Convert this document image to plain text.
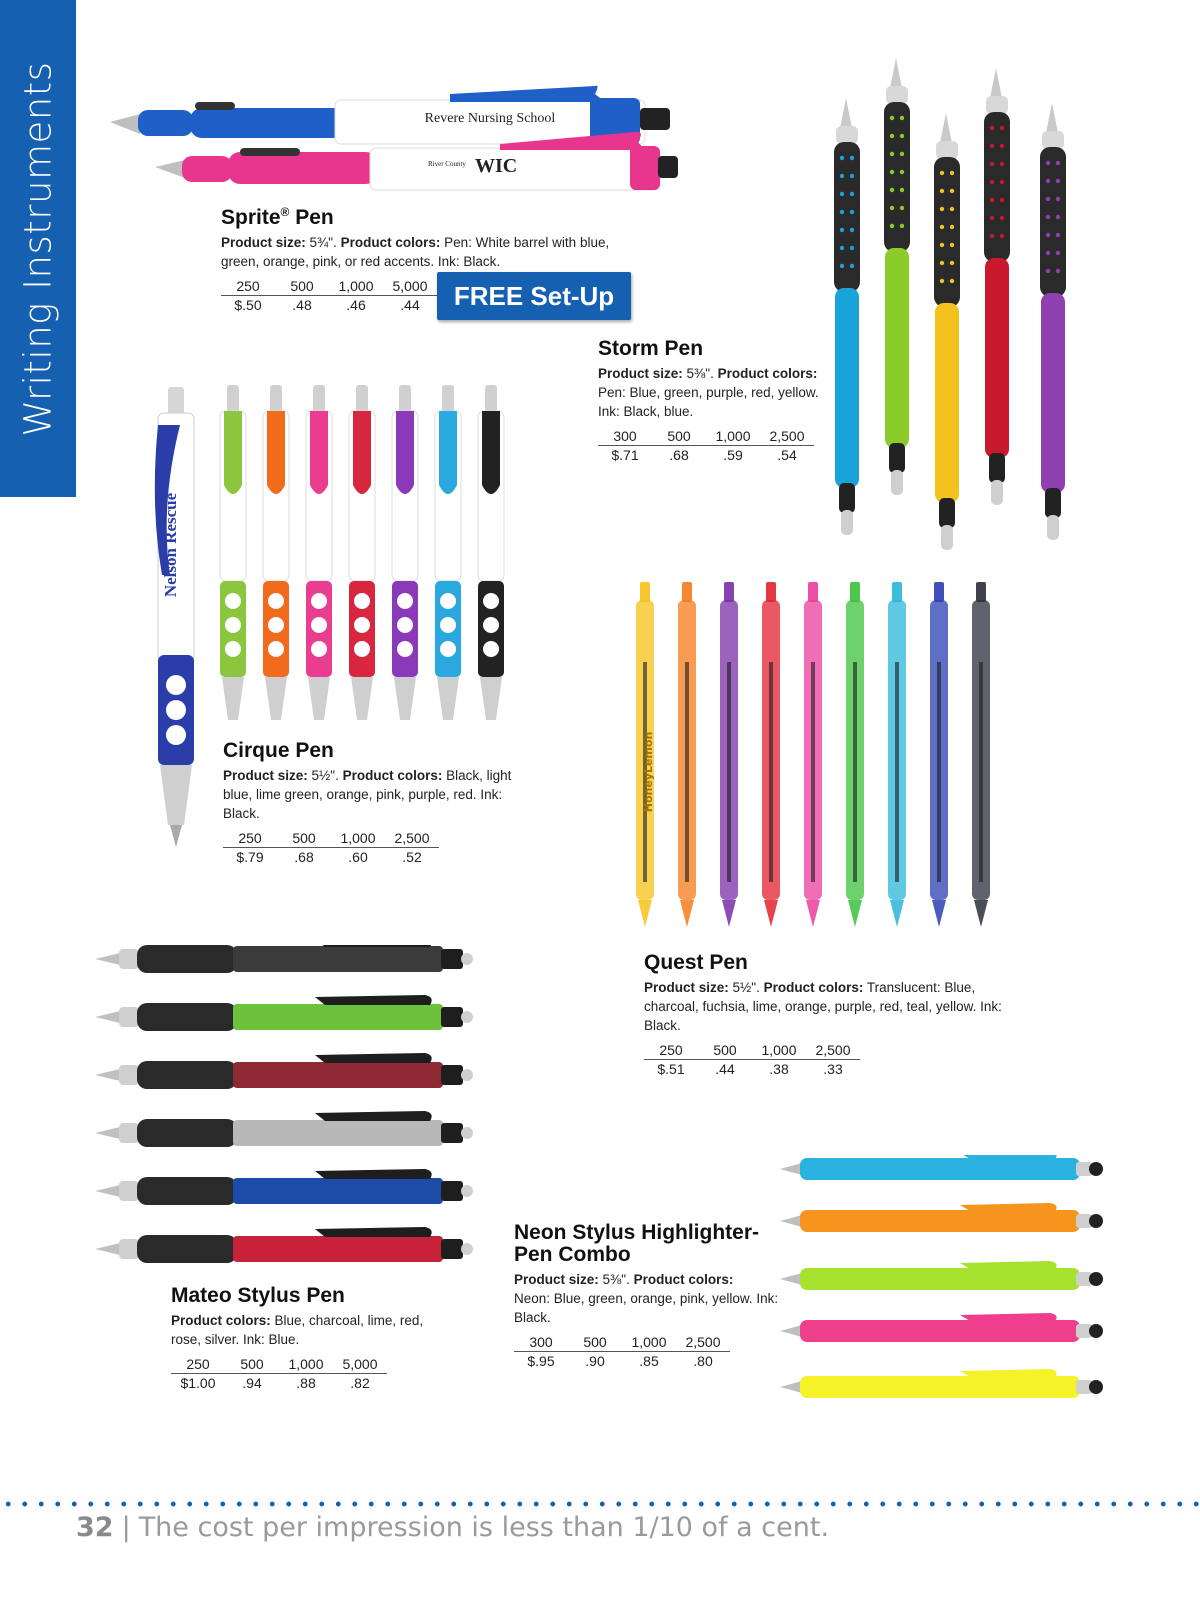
Writing Instruments	Revere Nursing School
River County WIC
Sprite® Pen

Product size: 5¾". Product colors: Pen: White barrel with blue, green, orange, pink, or red accents. Ink: Black.

250	500	1,000	5,000
$.50	.48	.46	.44	FREE Set-Up	DOWNSVILLE FIRE & RESCUE
Storm Pen

Product size: 5⅜". Product colors: Pen: Blue, green, purple, red, yellow. Ink: Black, blue.

300	500	1,000	2,500
$.71	.68	.59	.54
Nelson Rescue
Cirque Pen

Product size: 5½". Product colors: Black, light blue, lime green, orange, pink, purple, red. Ink: Black.

250	500	1,000	2,500
$.79	.68	.60	.52
HoneyLemon
Quest Pen

Product size: 5½". Product colors: Translucent: Blue, charcoal, fuchsia, lime, orange, purple, red, teal, yellow. Ink: Black.

250	500	1,000	2,500
$.51	.44	.38	.33
Mateo Stylus Pen

Product colors: Blue, charcoal, lime, red, rose, silver. Ink: Blue.

250	500	1,000	5,000
$1.00	.94	.88	.82
Neon Stylus Highlighter-
Pen Combo

Product size: 5⅜". Product colors:
Neon: Blue, green, orange, pink, yellow. Ink: Black.

300	500	1,000	2,500
$.95	.90	.85	.80
32 | The cost per impression is less than 1/10 of a cent.
